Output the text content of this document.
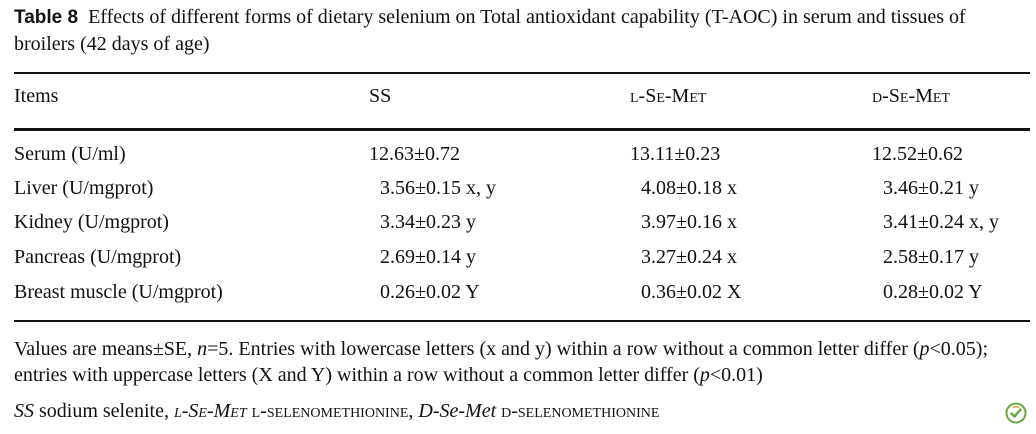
Table 8 Effects of different forms of dietary selenium on Total antioxidant capability (T-AOC) in serum and tissues of broilers (42 days of age)
Items	SS	l-Se-Met	d-Se-Met
Serum (U/ml)	12.63±0.72	13.11±0.23	12.52±0.62
Liver (U/mgprot)	3.56±0.15 x, y	4.08±0.18 x	3.46±0.21 y
Kidney (U/mgprot)	3.34±0.23 y	3.97±0.16 x	3.41±0.24 x, y
Pancreas (U/mgprot)	2.69±0.14 y	3.27±0.24 x	2.58±0.17 y
Breast muscle (U/mgprot)	0.26±0.02 Y	0.36±0.02 X	0.28±0.02 Y
Values are means±SE, n=5. Entries with lowercase letters (x and y) within a row without a common letter differ (p<0.05); entries with uppercase letters (X and Y) within a row without a common letter differ (p<0.01)
SS sodium selenite, l-Se-Met l-selenomethionine, D-Se-Met d-selenomethionine
